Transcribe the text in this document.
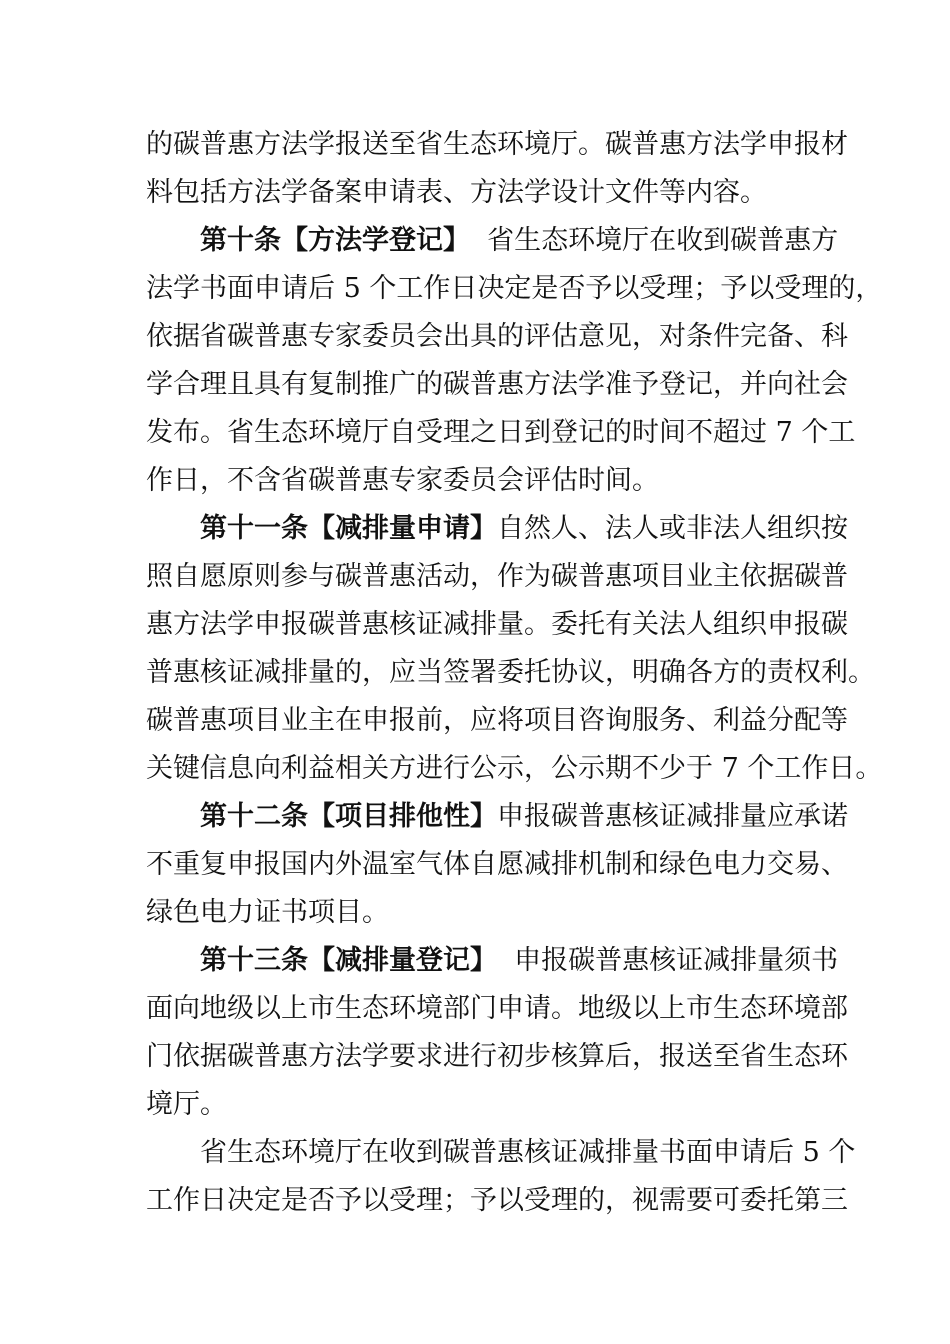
的碳普惠方法学报送至省生态环境厅。碳普惠方法学申报材
料包括方法学备案申请表、方法学设计文件等内容。
第十条【方法学登记】 省生态环境厅在收到碳普惠方
法学书面申请后 5 个工作日决定是否予以受理；予以受理的，
依据省碳普惠专家委员会出具的评估意见，对条件完备、科
学合理且具有复制推广的碳普惠方法学准予登记，并向社会
发布。省生态环境厅自受理之日到登记的时间不超过 7 个工
作日，不含省碳普惠专家委员会评估时间。
第十一条【减排量申请】自然人、法人或非法人组织按
照自愿原则参与碳普惠活动，作为碳普惠项目业主依据碳普
惠方法学申报碳普惠核证减排量。委托有关法人组织申报碳
普惠核证减排量的，应当签署委托协议，明确各方的责权利。
碳普惠项目业主在申报前，应将项目咨询服务、利益分配等
关键信息向利益相关方进行公示，公示期不少于 7 个工作日。
第十二条【项目排他性】申报碳普惠核证减排量应承诺
不重复申报国内外温室气体自愿减排机制和绿色电力交易、
绿色电力证书项目。
第十三条【减排量登记】 申报碳普惠核证减排量须书
面向地级以上市生态环境部门申请。地级以上市生态环境部
门依据碳普惠方法学要求进行初步核算后，报送至省生态环
境厅。
省生态环境厅在收到碳普惠核证减排量书面申请后 5 个
工作日决定是否予以受理；予以受理的，视需要可委托第三
